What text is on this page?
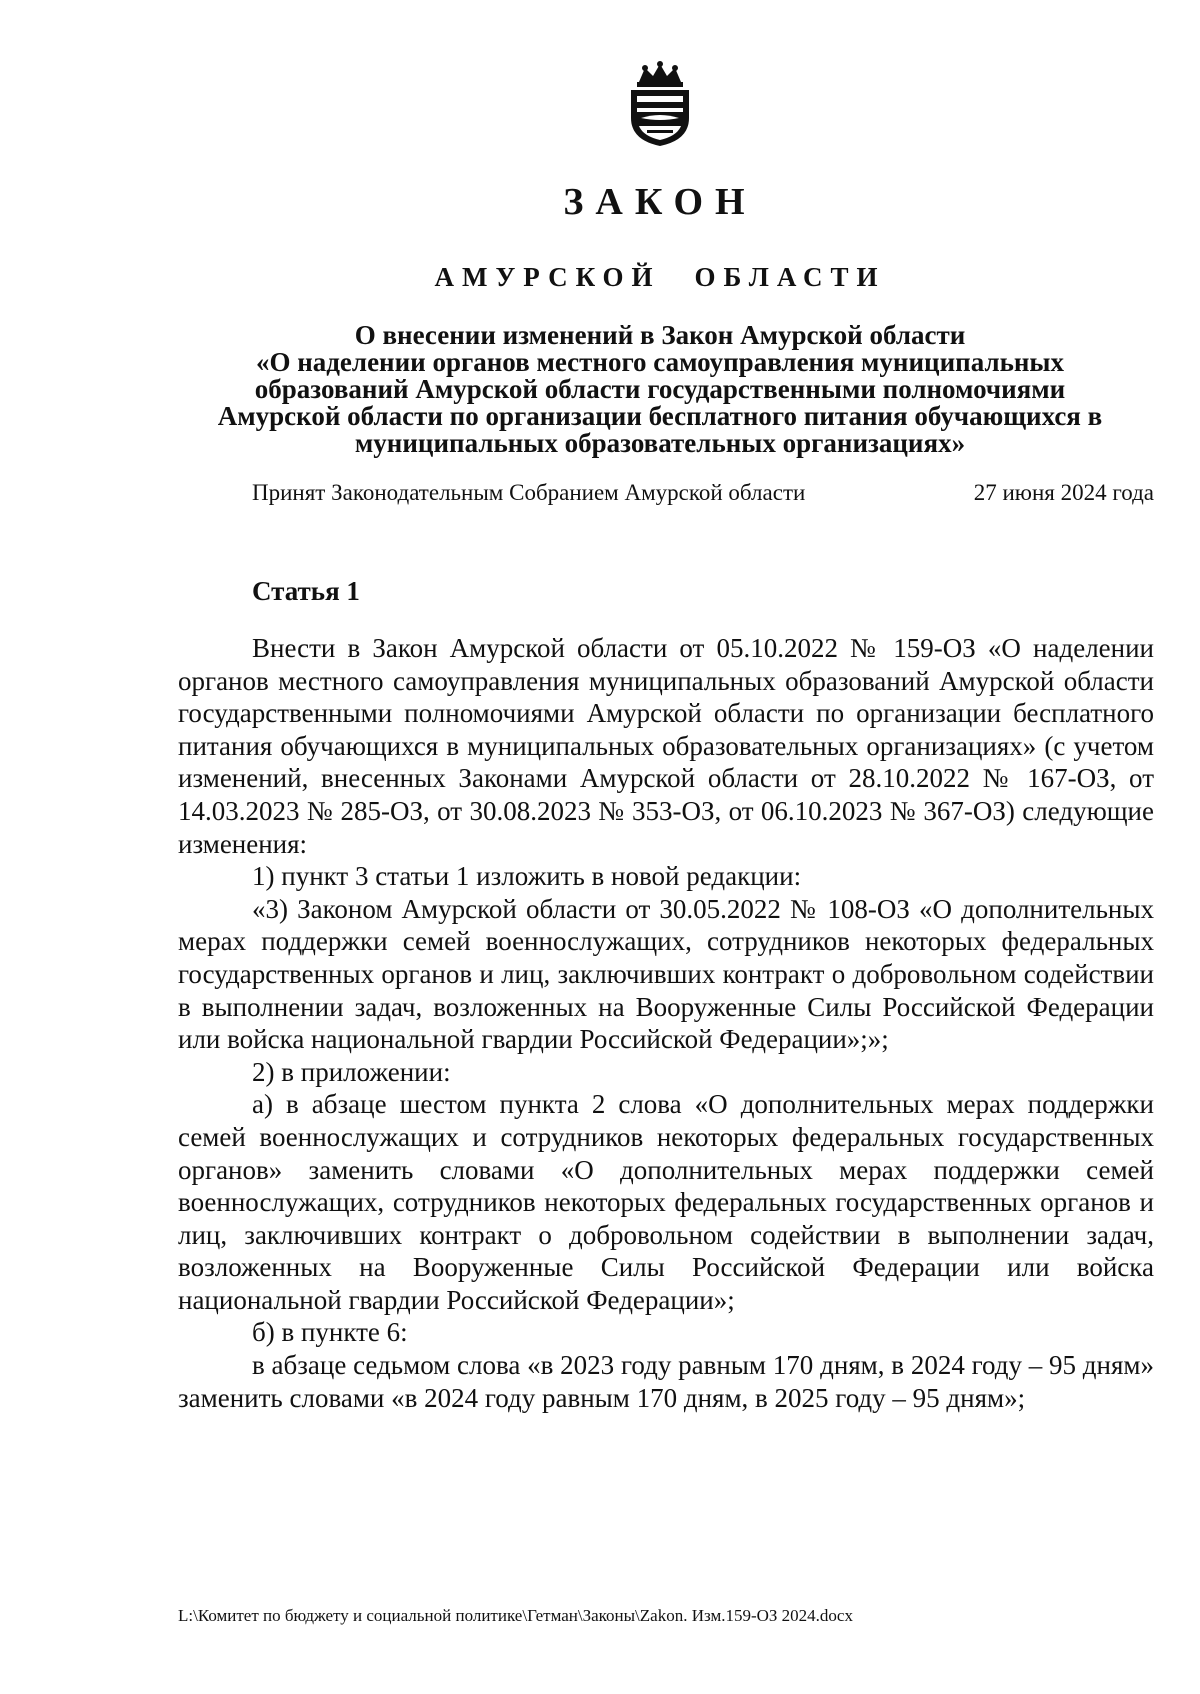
ЗАКОН
АМУРСКОЙ ОБЛАСТИ
О внесении изменений в Закон Амурской области
«О наделении органов местного самоуправления муниципальных
образований Амурской области государственными полномочиями
Амурской области по организации бесплатного питания обучающихся в
муниципальных образовательных организациях»
Принят Законодательным Собранием Амурской области	27 июня 2024 года
Статья 1

Внести в Закон Амурской области от 05.10.2022 № 159-ОЗ «О наделении органов местного самоуправления муниципальных образований Амурской области государственными полномочиями Амурской области по организации бесплатного питания обучающихся в муниципальных образовательных организациях» (с учетом изменений, внесенных Законами Амурской области от 28.10.2022 № 167-ОЗ, от 14.03.2023 № 285-ОЗ, от 30.08.2023 № 353-ОЗ, от 06.10.2023 № 367-ОЗ) следующие изменения:

1) пункт 3 статьи 1 изложить в новой редакции:

«3) Законом Амурской области от 30.05.2022 № 108-ОЗ «О дополнительных мерах поддержки семей военнослужащих, сотрудников некоторых федеральных государственных органов и лиц, заключивших контракт о добровольном содействии в выполнении задач, возложенных на Вооруженные Силы Российской Федерации или войска национальной гвардии Российской Федерации»;»;

2) в приложении:

а) в абзаце шестом пункта 2 слова «О дополнительных мерах поддержки семей военнослужащих и сотрудников некоторых федеральных государственных органов» заменить словами «О дополнительных мерах поддержки семей военнослужащих, сотрудников некоторых федеральных государственных органов и лиц, заключивших контракт о добровольном содействии в выполнении задач, возложенных на Вооруженные Силы Российской Федерации или войска национальной гвардии Российской Федерации»;

б) в пункте 6:

в абзаце седьмом слова «в 2023 году равным 170 дням, в 2024 году – 95 дням» заменить словами «в 2024 году равным 170 дням, в 2025 году – 95 дням»;

L:\Комитет по бюджету и социальной политике\Гетман\Законы\Zakon. Изм.159-ОЗ 2024.docx
